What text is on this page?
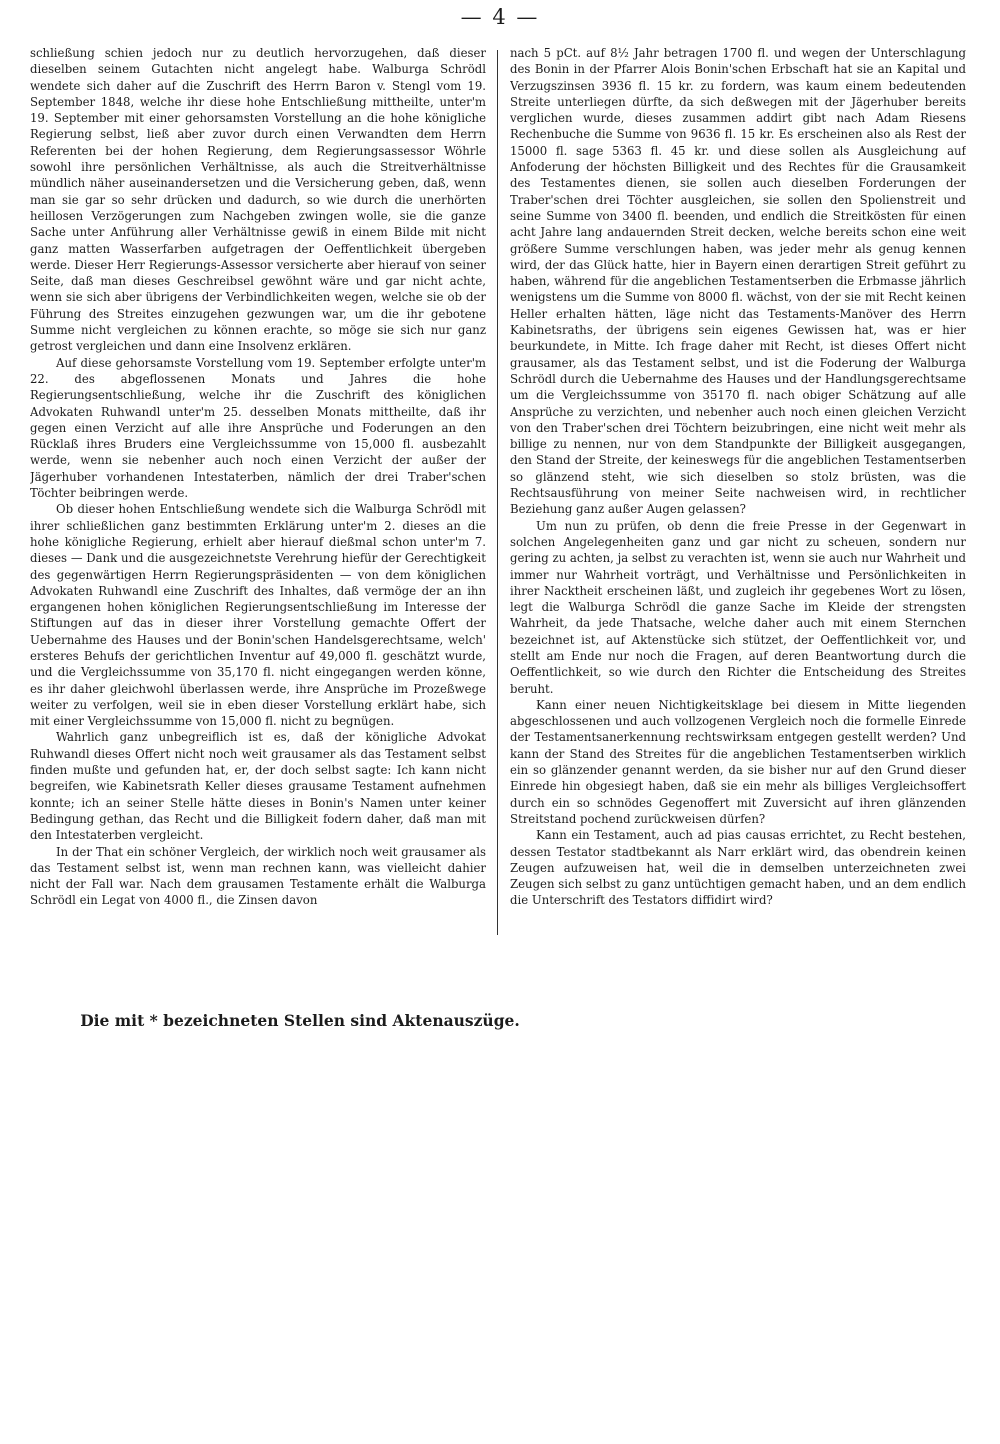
— 4 —

schließung schien jedoch nur zu deutlich hervorzugehen, daß dieser dieselben seinem Gutachten nicht angelegt habe. Walburga Schrödl wendete sich daher auf die Zuschrift des Herrn Baron v. Stengl vom 19. September 1848, welche ihr diese hohe Entschließung mittheilte, unter'm 19. September mit einer gehorsamsten Vorstellung an die hohe königliche Regierung selbst, ließ aber zuvor durch einen Verwandten dem Herrn Referenten bei der hohen Regierung, dem Regierungsassessor Wöhrle sowohl ihre persönlichen Verhältnisse, als auch die Streitverhältnisse mündlich näher auseinandersetzen und die Versicherung geben, daß, wenn man sie gar so sehr drücken und dadurch, so wie durch die unerhörten heillosen Verzögerungen zum Nachgeben zwingen wolle, sie die ganze Sache unter Anführung aller Verhältnisse gewiß in einem Bilde mit nicht ganz matten Wasserfarben aufgetragen der Oeffentlichkeit übergeben werde. Dieser Herr Regierungs-Assessor versicherte aber hierauf von seiner Seite, daß man dieses Geschreibsel gewöhnt wäre und gar nicht achte, wenn sie sich aber übrigens der Verbindlichkeiten wegen, welche sie ob der Führung des Streites einzugehen gezwungen war, um die ihr gebotene Summe nicht vergleichen zu können erachte, so möge sie sich nur ganz getrost vergleichen und dann eine Insolvenz erklären.

Auf diese gehorsamste Vorstellung vom 19. September erfolgte unter'm 22. des abgeflossenen Monats und Jahres die hohe Regierungsentschließung, welche ihr die Zuschrift des königlichen Advokaten Ruhwandl unter'm 25. desselben Monats mittheilte, daß ihr gegen einen Verzicht auf alle ihre Ansprüche und Foderungen an den Rücklaß ihres Bruders eine Vergleichssumme von 15,000 fl. ausbezahlt werde, wenn sie nebenher auch noch einen Verzicht der außer der Jägerhuber vorhandenen Intestaterben, nämlich der drei Traber'schen Töchter beibringen werde.

Ob dieser hohen Entschließung wendete sich die Walburga Schrödl mit ihrer schließlichen ganz bestimmten Erklärung unter'm 2. dieses an die hohe königliche Regierung, erhielt aber hierauf dießmal schon unter'm 7. dieses — Dank und die ausgezeichnetste Verehrung hiefür der Gerechtigkeit des gegenwärtigen Herrn Regierungspräsidenten — von dem königlichen Advokaten Ruhwandl eine Zuschrift des Inhaltes, daß vermöge der an ihn ergangenen hohen königlichen Regierungsentschließung im Interesse der Stiftungen auf das in dieser ihrer Vorstellung gemachte Offert der Uebernahme des Hauses und der Bonin'schen Handelsgerechtsame, welch' ersteres Behufs der gerichtlichen Inventur auf 49,000 fl. geschätzt wurde, und die Vergleichssumme von 35,170 fl. nicht eingegangen werden könne, es ihr daher gleichwohl überlassen werde, ihre Ansprüche im Prozeßwege weiter zu verfolgen, weil sie in eben dieser Vorstellung erklärt habe, sich mit einer Vergleichssumme von 15,000 fl. nicht zu begnügen.

Wahrlich ganz unbegreiflich ist es, daß der königliche Advokat Ruhwandl dieses Offert nicht noch weit grausamer als das Testament selbst finden mußte und gefunden hat, er, der doch selbst sagte: Ich kann nicht begreifen, wie Kabinetsrath Keller dieses grausame Testament aufnehmen konnte; ich an seiner Stelle hätte dieses in Bonin's Namen unter keiner Bedingung gethan, das Recht und die Billigkeit fodern daher, daß man mit den Intestaterben vergleicht.

In der That ein schöner Vergleich, der wirklich noch weit grausamer als das Testament selbst ist, wenn man rechnen kann, was vielleicht dahier nicht der Fall war. Nach dem grausamen Testamente erhält die Walburga Schrödl ein Legat von 4000 fl., die Zinsen davon

nach 5 pCt. auf 8½ Jahr betragen 1700 fl. und wegen der Unterschlagung des Bonin in der Pfarrer Alois Bonin'schen Erbschaft hat sie an Kapital und Verzugszinsen 3936 fl. 15 kr. zu fordern, was kaum einem bedeutenden Streite unterliegen dürfte, da sich deßwegen mit der Jägerhuber bereits verglichen wurde, dieses zusammen addirt gibt nach Adam Riesens Rechenbuche die Summe von 9636 fl. 15 kr. Es erscheinen also als Rest der 15000 fl. sage 5363 fl. 45 kr. und diese sollen als Ausgleichung auf Anfoderung der höchsten Billigkeit und des Rechtes für die Grausamkeit des Testamentes dienen, sie sollen auch dieselben Forderungen der Traber'schen drei Töchter ausgleichen, sie sollen den Spolienstreit und seine Summe von 3400 fl. beenden, und endlich die Streitkösten für einen acht Jahre lang andauernden Streit decken, welche bereits schon eine weit größere Summe verschlungen haben, was jeder mehr als genug kennen wird, der das Glück hatte, hier in Bayern einen derartigen Streit geführt zu haben, während für die angeblichen Testamentserben die Erbmasse jährlich wenigstens um die Summe von 8000 fl. wächst, von der sie mit Recht keinen Heller erhalten hätten, läge nicht das Testaments-Manöver des Herrn Kabinetsraths, der übrigens sein eigenes Gewissen hat, was er hier beurkundete, in Mitte. Ich frage daher mit Recht, ist dieses Offert nicht grausamer, als das Testament selbst, und ist die Foderung der Walburga Schrödl durch die Uebernahme des Hauses und der Handlungsgerechtsame um die Vergleichssumme von 35170 fl. nach obiger Schätzung auf alle Ansprüche zu verzichten, und nebenher auch noch einen gleichen Verzicht von den Traber'schen drei Töchtern beizubringen, eine nicht weit mehr als billige zu nennen, nur von dem Standpunkte der Billigkeit ausgegangen, den Stand der Streite, der keineswegs für die angeblichen Testamentserben so glänzend steht, wie sich dieselben so stolz brüsten, was die Rechtsausführung von meiner Seite nachweisen wird, in rechtlicher Beziehung ganz außer Augen gelassen?

Um nun zu prüfen, ob denn die freie Presse in der Gegenwart in solchen Angelegenheiten ganz und gar nicht zu scheuen, sondern nur gering zu achten, ja selbst zu verachten ist, wenn sie auch nur Wahrheit und immer nur Wahrheit vorträgt, und Verhältnisse und Persönlichkeiten in ihrer Nacktheit erscheinen läßt, und zugleich ihr gegebenes Wort zu lösen, legt die Walburga Schrödl die ganze Sache im Kleide der strengsten Wahrheit, da jede Thatsache, welche daher auch mit einem Sternchen bezeichnet ist, auf Aktenstücke sich stützet, der Oeffentlichkeit vor, und stellt am Ende nur noch die Fragen, auf deren Beantwortung durch die Oeffentlichkeit, so wie durch den Richter die Entscheidung des Streites beruht.

Kann einer neuen Nichtigkeitsklage bei diesem in Mitte liegenden abgeschlossenen und auch vollzogenen Vergleich noch die formelle Einrede der Testamentsanerkennung rechtswirksam entgegen gestellt werden? Und kann der Stand des Streites für die angeblichen Testamentserben wirklich ein so glänzender genannt werden, da sie bisher nur auf den Grund dieser Einrede hin obgesiegt haben, daß sie ein mehr als billiges Vergleichsoffert durch ein so schnödes Gegenoffert mit Zuversicht auf ihren glänzenden Streitstand pochend zurückweisen dürfen?

Kann ein Testament, auch ad pias causas errichtet, zu Recht bestehen, dessen Testator stadtbekannt als Narr erklärt wird, das obendrein keinen Zeugen aufzuweisen hat, weil die in demselben unterzeichneten zwei Zeugen sich selbst zu ganz untüchtigen gemacht haben, und an dem endlich die Unterschrift des Testators diffidirt wird?

Die mit * bezeichneten Stellen sind Aktenauszüge.
